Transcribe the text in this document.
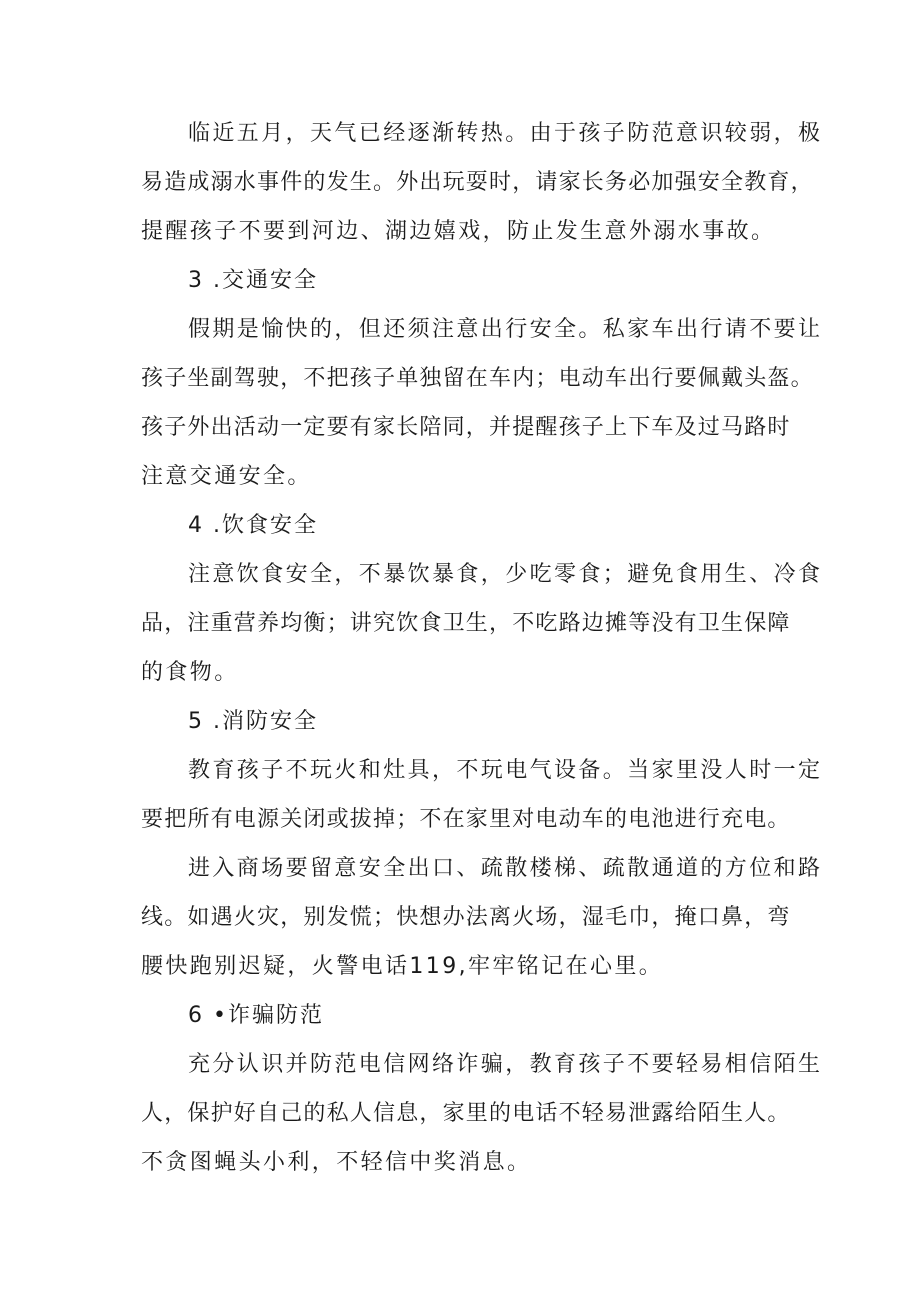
临近五月，天气已经逐渐转热。由于孩子防范意识较弱，极
易造成溺水事件的发生。外出玩耍时，请家长务必加强安全教育，
提醒孩子不要到河边、湖边嬉戏，防止发生意外溺水事故。
3 .交通安全
假期是愉快的，但还须注意出行安全。私家车出行请不要让
孩子坐副驾驶，不把孩子单独留在车内；电动车出行要佩戴头盔。
孩子外出活动一定要有家长陪同，并提醒孩子上下车及过马路时
注意交通安全。
4 .饮食安全
注意饮食安全，不暴饮暴食，少吃零食；避免食用生、冷食
品，注重营养均衡；讲究饮食卫生，不吃路边摊等没有卫生保障
的食物。
5 .消防安全
教育孩子不玩火和灶具，不玩电气设备。当家里没人时一定
要把所有电源关闭或拔掉；不在家里对电动车的电池进行充电。
进入商场要留意安全出口、疏散楼梯、疏散通道的方位和路
线。如遇火灾，别发慌；快想办法离火场，湿毛巾，掩口鼻，弯
腰快跑别迟疑，火警电话119,牢牢铭记在心里。
6 •诈骗防范
充分认识并防范电信网络诈骗，教育孩子不要轻易相信陌生
人，保护好自己的私人信息，家里的电话不轻易泄露给陌生人。
不贪图蝇头小利，不轻信中奖消息。
